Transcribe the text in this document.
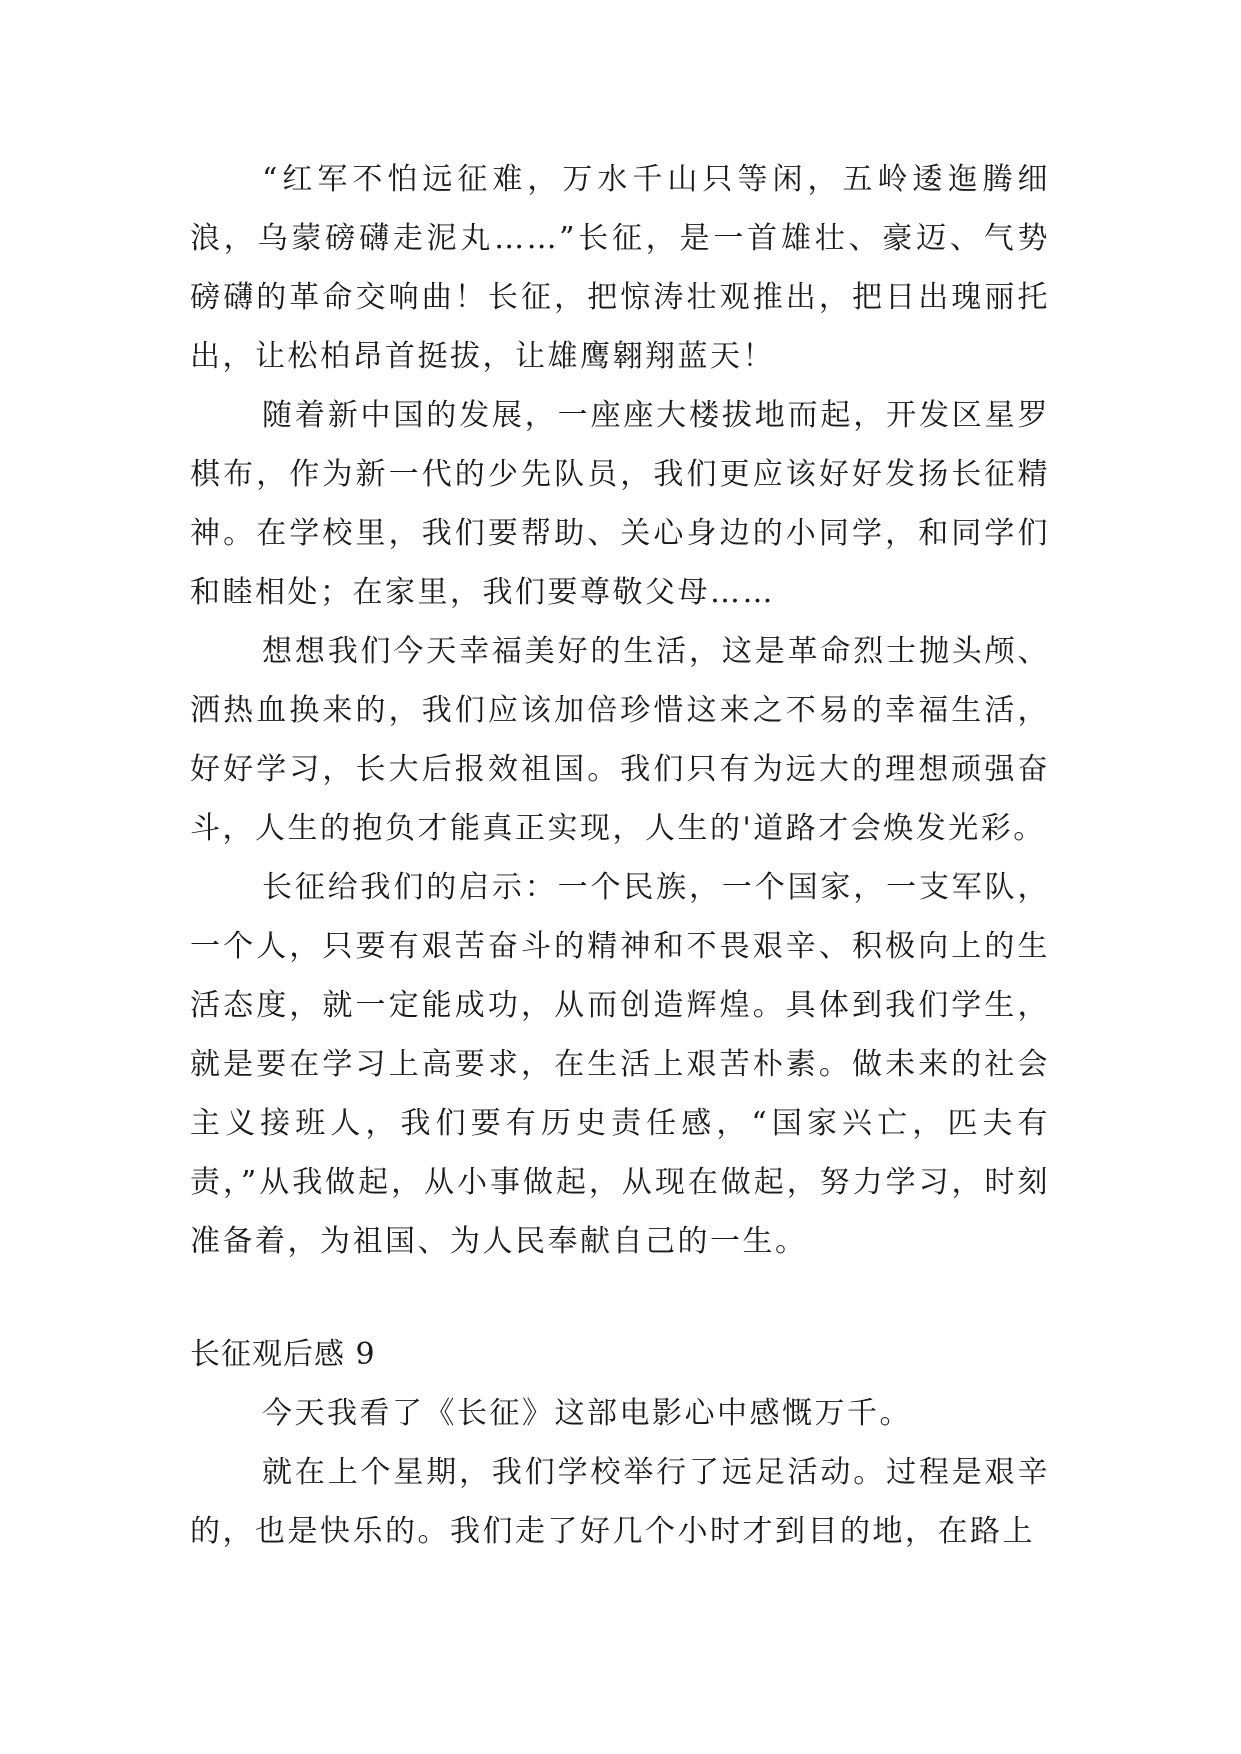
“红军不怕远征难，万水千山只等闲，五岭逶迤腾细浪，乌蒙磅礴走泥丸……”长征，是一首雄壮、豪迈、气势磅礴的革命交响曲！长征，把惊涛壮观推出，把日出瑰丽托出，让松柏昂首挺拔，让雄鹰翱翔蓝天！

随着新中国的发展，一座座大楼拔地而起，开发区星罗棋布，作为新一代的少先队员，我们更应该好好发扬长征精神。在学校里，我们要帮助、关心身边的小同学，和同学们和睦相处；在家里，我们要尊敬父母……

想想我们今天幸福美好的生活，这是革命烈士抛头颅、洒热血换来的，我们应该加倍珍惜这来之不易的幸福生活，好好学习，长大后报效祖国。我们只有为远大的理想顽强奋斗，人生的抱负才能真正实现，人生的'道路才会焕发光彩。

长征给我们的启示：一个民族，一个国家，一支军队，一个人，只要有艰苦奋斗的精神和不畏艰辛、积极向上的生活态度，就一定能成功，从而创造辉煌。具体到我们学生，就是要在学习上高要求，在生活上艰苦朴素。做未来的社会主义接班人，我们要有历史责任感，“国家兴亡，匹夫有责，”从我做起，从小事做起，从现在做起，努力学习，时刻准备着，为祖国、为人民奉献自己的一生。

长征观后感 9

今天我看了《长征》这部电影心中感慨万千。

就在上个星期，我们学校举行了远足活动。过程是艰辛的，也是快乐的。我们走了好几个小时才到目的地，在路上
